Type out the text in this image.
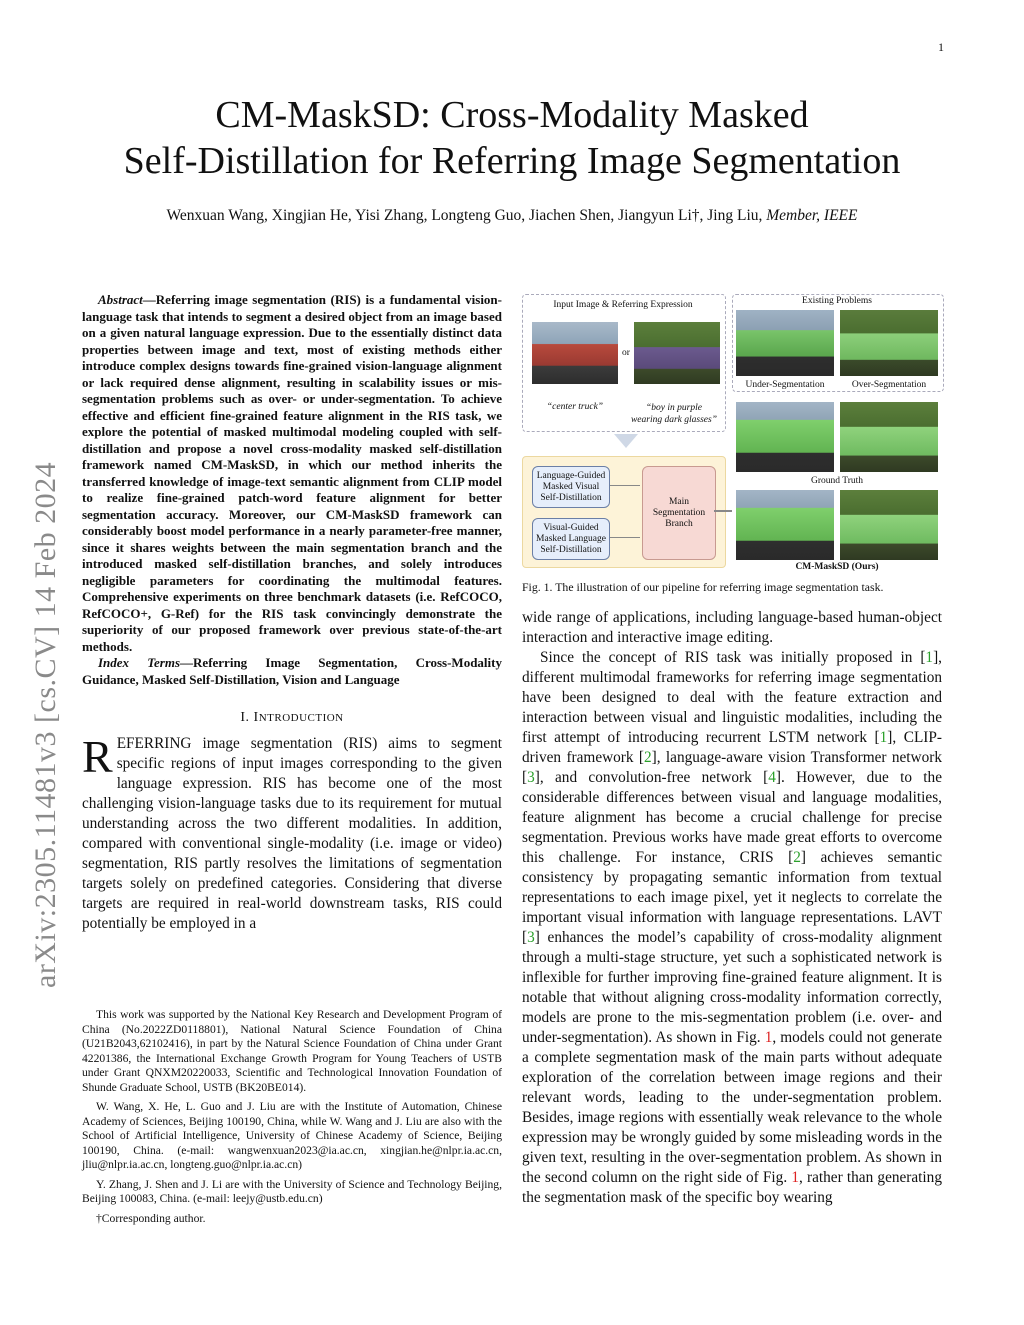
1
arXiv:2305.11481v3 [cs.CV] 14 Feb 2024
CM-MaskSD: Cross-Modality Masked
Self-Distillation for Referring Image Segmentation
Wenxuan Wang, Xingjian He, Yisi Zhang, Longteng Guo, Jiachen Shen, Jiangyun Li†, Jing Liu, Member, IEEE

Abstract—Referring image segmentation (RIS) is a fundamental vision-language task that intends to segment a desired object from an image based on a given natural language expression. Due to the essentially distinct data properties between image and text, most of existing methods either introduce complex designs towards fine-grained vision-language alignment or lack required dense alignment, resulting in scalability issues or mis-segmentation problems such as over- or under-segmentation. To achieve effective and efficient fine-grained feature alignment in the RIS task, we explore the potential of masked multimodal modeling coupled with self-distillation and propose a novel cross-modality masked self-distillation framework named CM-MaskSD, in which our method inherits the transferred knowledge of image-text semantic alignment from CLIP model to realize fine-grained patch-word feature alignment for better segmentation accuracy. Moreover, our CM-MaskSD framework can considerably boost model performance in a nearly parameter-free manner, since it shares weights between the main segmentation branch and the introduced masked self-distillation branches, and solely introduces negligible parameters for coordinating the multimodal features. Comprehensive experiments on three benchmark datasets (i.e. RefCOCO, RefCOCO+, G-Ref) for the RIS task convincingly demonstrate the superiority of our proposed framework over previous state-of-the-art methods.

Index Terms—Referring Image Segmentation, Cross-Modality Guidance, Masked Self-Distillation, Vision and Language

I. INTRODUCTION

REFERRING image segmentation (RIS) aims to segment specific regions of input images corresponding to the given language expression. RIS has become one of the most challenging vision-language tasks due to its requirement for mutual understanding across the two different modalities. In addition, compared with conventional single-modality (i.e. image or video) segmentation, RIS partly resolves the limitations of segmentation targets solely on predefined categories. Considering that diverse targets are required in real-world downstream tasks, RIS could potentially be employed in a

This work was supported by the National Key Research and Development Program of China (No.2022ZD0118801), National Natural Science Foundation of China (U21B2043,62102416), in part by the Natural Science Foundation of China under Grant 42201386, the International Exchange Growth Program for Young Teachers of USTB under Grant QNXM20220033, Scientific and Technological Innovation Foundation of Shunde Graduate School, USTB (BK20BE014).

W. Wang, X. He, L. Guo and J. Liu are with the Institute of Automation, Chinese Academy of Sciences, Beijing 100190, China, while W. Wang and J. Liu are also with the School of Artificial Intelligence, University of Chinese Academy of Science, Beijing 100190, China. (e-mail: wangwenxuan2023@ia.ac.cn, xingjian.he@nlpr.ia.ac.cn, jliu@nlpr.ia.ac.cn, longteng.guo@nlpr.ia.ac.cn)

Y. Zhang, J. Shen and J. Li are with the University of Science and Technology Beijing, Beijing 100083, China. (e-mail: leejy@ustb.edu.cn)

†Corresponding author.

Input Image & Referring Expression
or
“center truck”	“boy in purple
wearing dark glasses”
Language-Guided Masked Visual Self-Distillation
Visual-Guided Masked Language Self-Distillation
Main Segmentation Branch
Existing Problems
Under-Segmentation	Over-Segmentation
Ground Truth
CM-MaskSD (Ours)
Fig. 1. The illustration of our pipeline for referring image segmentation task.

wide range of applications, including language-based human-object interaction and interactive image editing.

Since the concept of RIS task was initially proposed in [1], different multimodal frameworks for referring image segmentation have been designed to deal with the feature extraction and interaction between visual and linguistic modalities, including the first attempt of introducing recurrent LSTM network [1], CLIP-driven framework [2], language-aware vision Transformer network [3], and convolution-free network [4]. However, due to the considerable differences between visual and language modalities, feature alignment has become a crucial challenge for precise segmentation. Previous works have made great efforts to overcome this challenge. For instance, CRIS [2] achieves semantic consistency by propagating semantic information from textual representations to each image pixel, yet it neglects to correlate the important visual information with language representations. LAVT [3] enhances the model’s capability of cross-modality alignment through a multi-stage structure, yet such a sophisticated network is inflexible for further improving fine-grained feature alignment. It is notable that without aligning cross-modality information correctly, models are prone to the mis-segmentation problem (i.e. over- and under-segmentation). As shown in Fig. 1, models could not generate a complete segmentation mask of the main parts without adequate exploration of the correlation between image regions and their relevant words, leading to the under-segmentation problem. Besides, image regions with essentially weak relevance to the whole expression may be wrongly guided by some misleading words in the given text, resulting in the over-segmentation problem. As shown in the second column on the right side of Fig. 1, rather than generating the segmentation mask of the specific boy wearing
